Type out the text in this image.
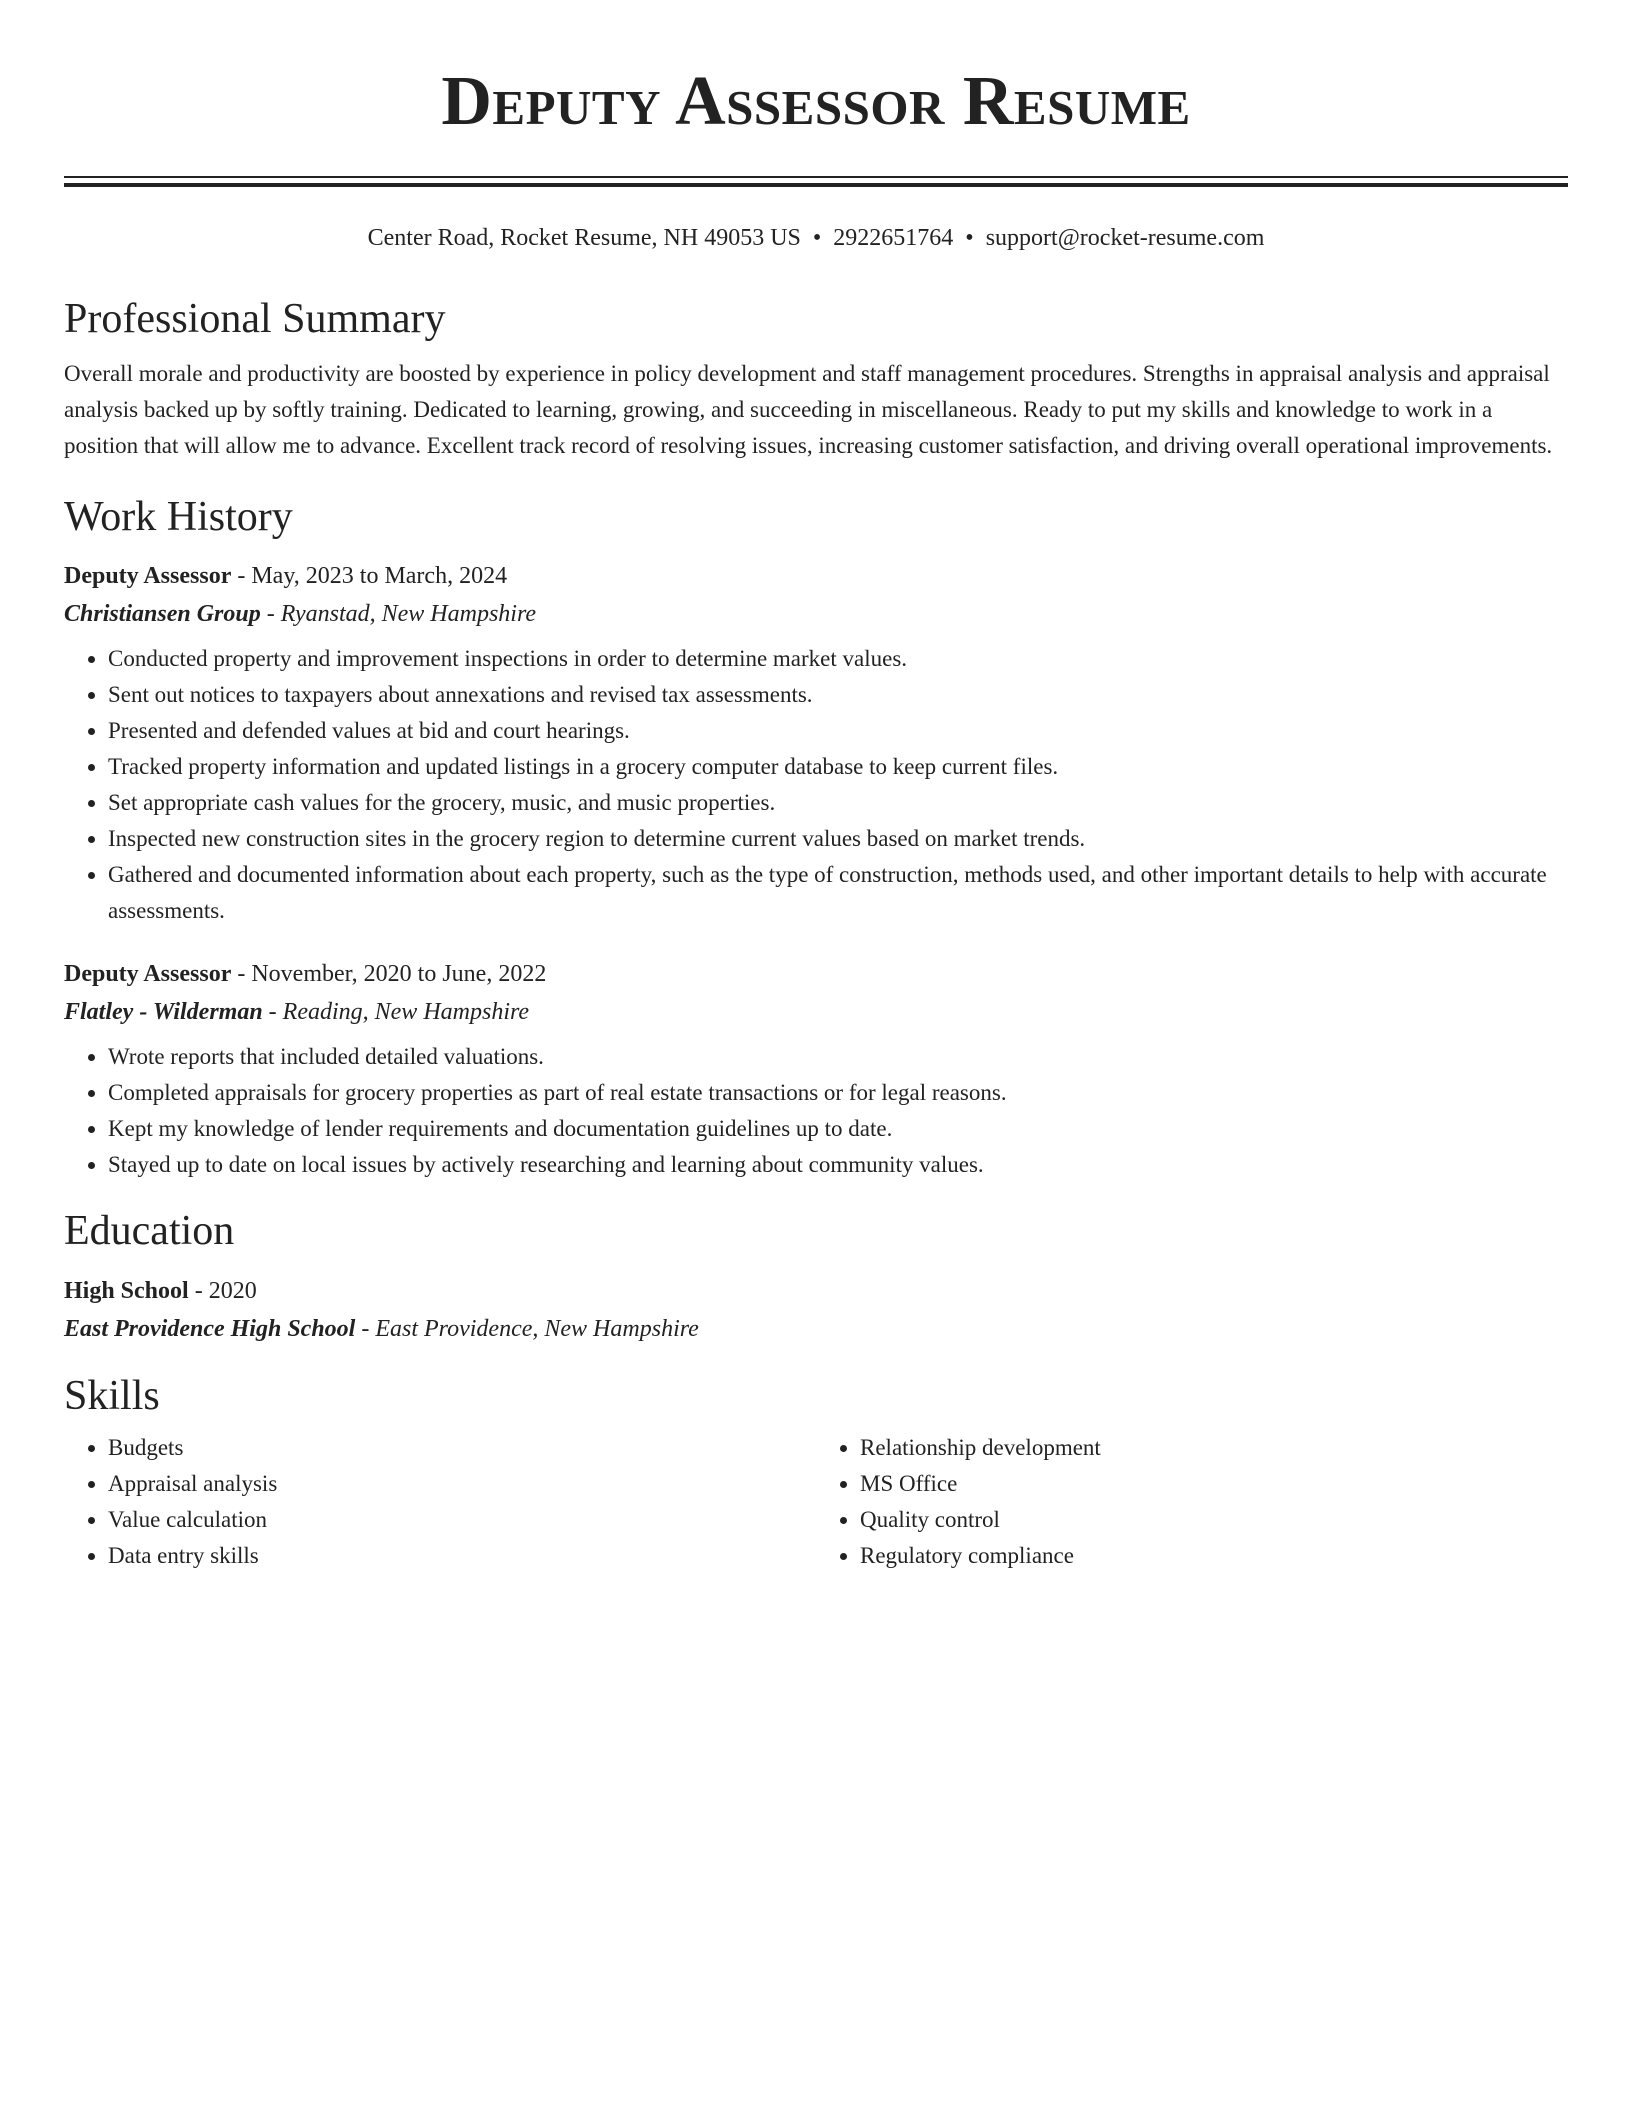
Deputy Assessor Resume
Center Road, Rocket Resume, NH 49053 US • 2922651764 • support@rocket-resume.com
Professional Summary
Overall morale and productivity are boosted by experience in policy development and staff management procedures. Strengths in appraisal analysis and appraisal analysis backed up by softly training. Dedicated to learning, growing, and succeeding in miscellaneous. Ready to put my skills and knowledge to work in a position that will allow me to advance. Excellent track record of resolving issues, increasing customer satisfaction, and driving overall operational improvements.
Work History
Deputy Assessor - May, 2023 to March, 2024
Christiansen Group - Ryanstad, New Hampshire
• Conducted property and improvement inspections in order to determine market values.
• Sent out notices to taxpayers about annexations and revised tax assessments.
• Presented and defended values at bid and court hearings.
• Tracked property information and updated listings in a grocery computer database to keep current files.
• Set appropriate cash values for the grocery, music, and music properties.
• Inspected new construction sites in the grocery region to determine current values based on market trends.
• Gathered and documented information about each property, such as the type of construction, methods used, and other important details to help with accurate assessments.
Deputy Assessor - November, 2020 to June, 2022
Flatley - Wilderman - Reading, New Hampshire
• Wrote reports that included detailed valuations.
• Completed appraisals for grocery properties as part of real estate transactions or for legal reasons.
• Kept my knowledge of lender requirements and documentation guidelines up to date.
• Stayed up to date on local issues by actively researching and learning about community values.
Education
High School - 2020
East Providence High School - East Providence, New Hampshire
Skills
• Budgets
• Appraisal analysis
• Value calculation
• Data entry skills
• Relationship development
• MS Office
• Quality control
• Regulatory compliance
